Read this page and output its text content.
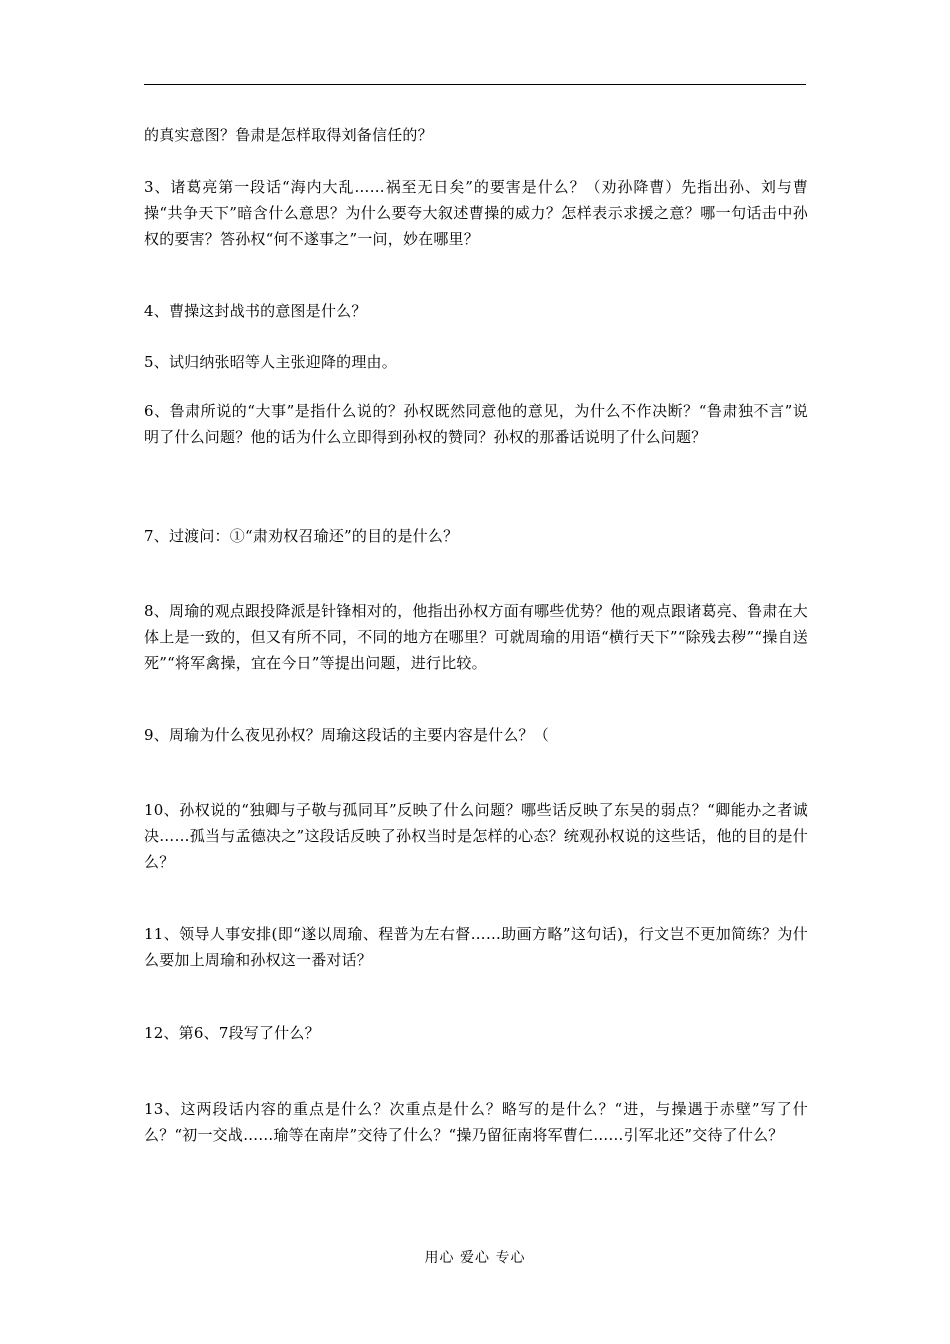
的真实意图？鲁肃是怎样取得刘备信任的？

3、诸葛亮第一段话“海内大乱……祸至无日矣”的要害是什么？（劝孙降曹）先指出孙、刘与曹操“共争天下”暗含什么意思？为什么要夸大叙述曹操的威力？怎样表示求援之意？哪一句话击中孙权的要害？答孙权“何不遂事之”一问，妙在哪里？

4、曹操这封战书的意图是什么？

5、试归纳张昭等人主张迎降的理由。

6、鲁肃所说的“大事”是指什么说的？孙权既然同意他的意见，为什么不作决断？“鲁肃独不言”说明了什么问题？他的话为什么立即得到孙权的赞同？孙权的那番话说明了什么问题？

7、过渡问：①“肃劝权召瑜还”的目的是什么？

8、周瑜的观点跟投降派是针锋相对的，他指出孙权方面有哪些优势？他的观点跟诸葛亮、鲁肃在大体上是一致的，但又有所不同，不同的地方在哪里？可就周瑜的用语“横行天下”“除残去秽”“操自送死”“将军禽操，宜在今日”等提出问题，进行比较。

9、周瑜为什么夜见孙权？周瑜这段话的主要内容是什么？（

10、孙权说的“独卿与子敬与孤同耳”反映了什么问题？哪些话反映了东吴的弱点？“卿能办之者诚决……孤当与孟德决之”这段话反映了孙权当时是怎样的心态？统观孙权说的这些话，他的目的是什么？

11、领导人事安排(即“遂以周瑜、程普为左右督……助画方略”这句话)，行文岂不更加简练？为什么要加上周瑜和孙权这一番对话？

12、第6、7段写了什么？

13、这两段话内容的重点是什么？次重点是什么？略写的是什么？“进，与操遇于赤壁”写了什么？“初一交战……瑜等在南岸”交待了什么？“操乃留征南将军曹仁……引军北还”交待了什么？

用心 爱心 专心
